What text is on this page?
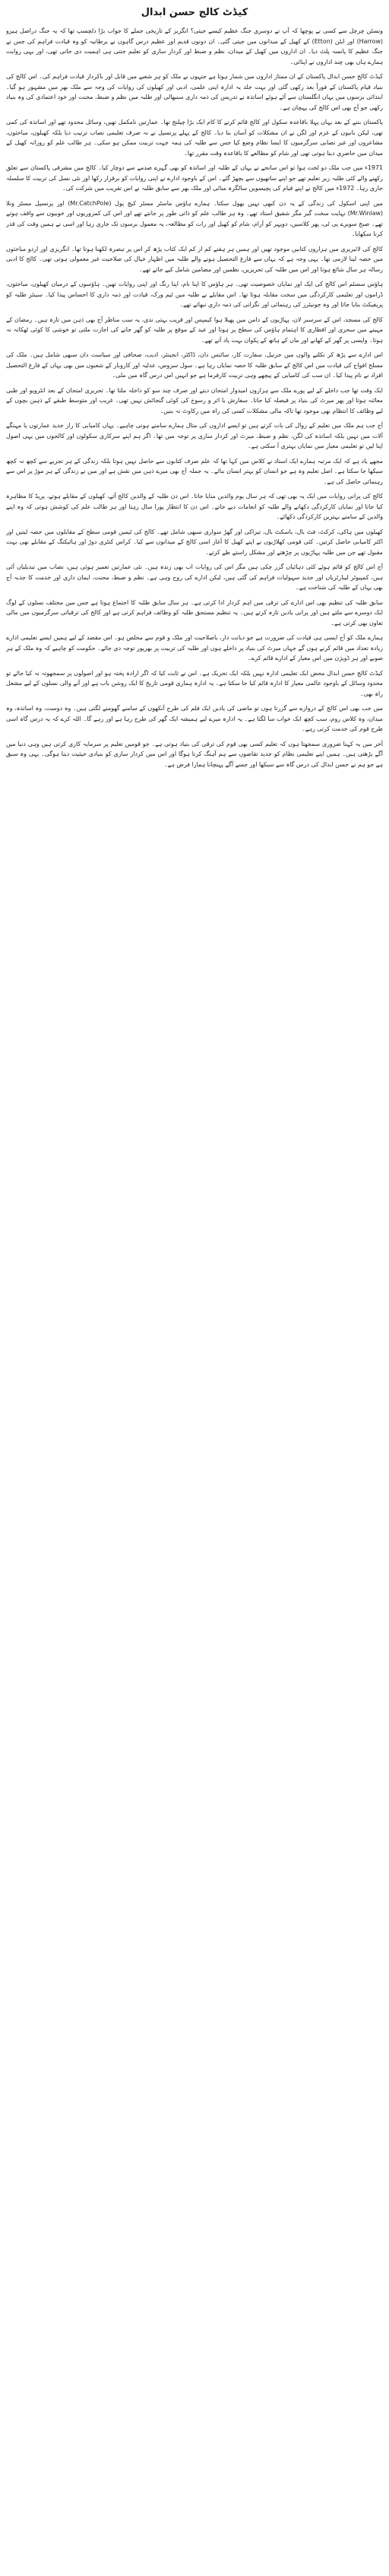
کیڈٹ کالج حسن ابدال

ونسٹن چرچل سے کسی نے پوچھا کہ آپ نے دوسری جنگ عظیم کیسے جیتی؟ انگریز کے تاریخی جملے کا جواب بڑا دلچسپ تھا کہ یہ جنگ دراصل ہیرو (Harrow) اور ایٹن (Etton) کے کھیل کے میدانوں میں جیتی گئی۔ ان دونوں قدیم اور عظیم درس گاہوں نے برطانیہ کو وہ قیادت فراہم کی جس نے جنگ عظیم کا پانسہ پلٹ دیا۔ ان اداروں میں کھیل کے میدان، نظم و ضبط اور کردار سازی کو تعلیم جتنی ہی اہمیت دی جاتی تھی، اور یہی روایت ہمارے ہاں بھی چند اداروں نے اپنائی۔

کیڈٹ کالج حسن ابدال پاکستان کے ان ممتاز اداروں میں شمار ہوتا ہے جنہوں نے ملک کو ہر شعبے میں قابل اور باکردار قیادت فراہم کی۔ اس کالج کی بنیاد قیام پاکستان کے فوراً بعد رکھی گئی اور بہت جلد یہ ادارہ اپنی علمی، ادبی اور کھیلوں کی روایات کی وجہ سے ملک بھر میں مشہور ہو گیا۔ ابتدائی برسوں میں یہاں انگلستان سے آئے ہوئے اساتذہ نے تدریس کی ذمہ داری سنبھالی اور طلبہ میں نظم و ضبط، محنت اور خود اعتمادی کی وہ بنیاد رکھی جو آج بھی اس کالج کی پہچان ہے۔

پاکستان بننے کے بعد یہاں پہلا باقاعدہ سکول اور کالج قائم کرنے کا کام ایک بڑا چیلنج تھا۔ عمارتیں نامکمل تھیں، وسائل محدود تھے اور اساتذہ کی کمی تھی، لیکن بانیوں کے عزم اور لگن نے ان مشکلات کو آسان بنا دیا۔ کالج کے پہلے پرنسپل نے نہ صرف تعلیمی نصاب ترتیب دیا بلکہ کھیلوں، مباحثوں، مشاعروں اور غیر نصابی سرگرمیوں کا ایسا نظام وضع کیا جس سے طلبہ کی ہمہ جہت تربیت ممکن ہو سکی۔ ہر طالب علم کو روزانہ کھیل کے میدان میں حاضری دینا ہوتی تھی اور شام کو مطالعے کا باقاعدہ وقت مقرر تھا۔

1971ء میں جب ملک دو لخت ہوا تو اس سانحے نے یہاں کے طلبہ اور اساتذہ کو بھی گہرے صدمے سے دوچار کیا۔ کالج میں مشرقی پاکستان سے تعلق رکھنے والے کئی طلبہ زیر تعلیم تھے جو اپنے ساتھیوں سے بچھڑ گئے۔ اس کے باوجود ادارے نے اپنی روایات کو برقرار رکھا اور نئی نسل کی تربیت کا سلسلہ جاری رہا۔ 1972ء میں کالج نے اپنے قیام کی پچیسویں سالگرہ منائی اور ملک بھر سے سابق طلبہ نے اس تقریب میں شرکت کی۔

میں اپنی اسکول کی زندگی کے یہ دن کبھی نہیں بھول سکتا۔ ہمارے ہاؤس ماسٹر مسٹر کیچ پول (Mr.CatchPole) اور پرنسپل مسٹر ونلا (Mr.Winlaw) نہایت سخت گیر مگر شفیق استاد تھے۔ وہ ہر طالب علم کو ذاتی طور پر جانتے تھے اور اس کی کمزوریوں اور خوبیوں سے واقف ہوتے تھے۔ صبح سویرے پی ٹی، پھر کلاسیں، دوپہر کو آرام، شام کو کھیل اور رات کو مطالعہ، یہ معمول برسوں تک جاری رہا اور اسی نے ہمیں وقت کی قدر کرنا سکھایا۔

کالج کی لائبریری میں ہزاروں کتابیں موجود تھیں اور ہمیں ہر ہفتے کم از کم ایک کتاب پڑھ کر اس پر تبصرہ لکھنا ہوتا تھا۔ انگریزی اور اردو مباحثوں میں حصہ لینا لازمی تھا۔ یہی وجہ ہے کہ یہاں سے فارغ التحصیل ہونے والے طلبہ میں اظہار خیال کی صلاحیت غیر معمولی ہوتی تھی۔ کالج کا ادبی رسالہ ہر سال شائع ہوتا اور اس میں طلبہ کی تحریریں، نظمیں اور مضامین شامل کیے جاتے تھے۔

ہاؤس سسٹم اس کالج کی ایک اور نمایاں خصوصیت تھی۔ ہر ہاؤس کا اپنا نام، اپنا رنگ اور اپنی روایات تھیں۔ ہاؤسوں کے درمیان کھیلوں، مباحثوں، ڈراموں اور تعلیمی کارکردگی میں سخت مقابلہ ہوتا تھا۔ اس مقابلے نے طلبہ میں ٹیم ورک، قیادت اور ذمہ داری کا احساس پیدا کیا۔ سینئر طلبہ کو پریفیکٹ بنایا جاتا اور وہ جونیئرز کی رہنمائی اور نگرانی کی ذمہ داری نبھاتے تھے۔

کالج کی مسجد، اس کے سرسبز لان، پہاڑیوں کے دامن میں پھیلا ہوا کیمپس اور قریب بہتی ندی، یہ سب مناظر آج بھی ذہن میں تازہ ہیں۔ رمضان کے مہینے میں سحری اور افطاری کا اہتمام ہاؤس کی سطح پر ہوتا اور عید کے موقع پر طلبہ کو گھر جانے کی اجازت ملتی تو خوشی کا کوئی ٹھکانہ نہ ہوتا۔ واپسی پر گھر کے کھانے اور ماں کے ہاتھ کے پکوان بہت یاد آتے تھے۔

اس ادارے سے پڑھ کر نکلنے والوں میں جرنیل، سفارت کار، سائنس دان، ڈاکٹر، انجینئر، ادیب، صحافی اور سیاست دان سبھی شامل ہیں۔ ملک کی مسلح افواج کی قیادت میں اس کالج کے سابق طلبہ کا حصہ نمایاں رہا ہے۔ سول سروس، عدلیہ اور کاروبار کے شعبوں میں بھی یہاں کے فارغ التحصیل افراد نے نام پیدا کیا۔ ان سب کی کامیابی کے پیچھے وہی تربیت کارفرما ہے جو انہیں اس درس گاہ میں ملی۔

ایک وقت تھا جب داخلے کے لیے پورے ملک سے ہزاروں امیدوار امتحان دیتے اور صرف چند سو کو داخلہ ملتا تھا۔ تحریری امتحان کے بعد انٹرویو اور طبی معائنہ ہوتا اور پھر میرٹ کی بنیاد پر فیصلہ کیا جاتا۔ سفارش یا اثر و رسوخ کی کوئی گنجائش نہیں تھی۔ غریب اور متوسط طبقے کے ذہین بچوں کے لیے وظائف کا انتظام بھی موجود تھا تاکہ مالی مشکلات کسی کی راہ میں رکاوٹ نہ بنیں۔

آج جب ہم ملک میں تعلیم کے زوال کی بات کرتے ہیں تو ایسے اداروں کی مثال ہمارے سامنے ہونی چاہیے۔ یہاں کامیابی کا راز جدید عمارتوں یا مہنگے آلات میں نہیں بلکہ اساتذہ کی لگن، نظم و ضبط، میرٹ اور کردار سازی پر توجہ میں تھا۔ اگر ہم اپنے سرکاری سکولوں اور کالجوں میں یہی اصول اپنا لیں تو تعلیمی معیار میں نمایاں بہتری آ سکتی ہے۔

مجھے یاد ہے کہ ایک مرتبہ ہمارے ایک استاد نے کلاس میں کہا تھا کہ علم صرف کتابوں سے حاصل نہیں ہوتا بلکہ زندگی کے ہر تجربے سے کچھ نہ کچھ سیکھا جا سکتا ہے۔ اصل تعلیم وہ ہے جو انسان کو بہتر انسان بنائے۔ یہ جملہ آج بھی میرے ذہن میں نقش ہے اور میں نے زندگی کے ہر موڑ پر اس سے رہنمائی حاصل کی ہے۔

کالج کی پرانی روایات میں ایک یہ بھی تھی کہ ہر سال یوم والدین منایا جاتا۔ اس دن طلبہ کے والدین کالج آتے، کھیلوں کے مقابلے ہوتے، پریڈ کا مظاہرہ کیا جاتا اور نمایاں کارکردگی دکھانے والے طلبہ کو انعامات دیے جاتے۔ اس دن کا انتظار پورا سال رہتا اور ہر طالب علم کی کوشش ہوتی کہ وہ اپنے والدین کے سامنے بہترین کارکردگی دکھائے۔

کھیلوں میں ہاکی، کرکٹ، فٹ بال، باسکٹ بال، تیراکی اور گھڑ سواری سبھی شامل تھے۔ کالج کی ٹیمیں قومی سطح کے مقابلوں میں حصہ لیتیں اور اکثر کامیابی حاصل کرتیں۔ کئی قومی کھلاڑیوں نے اپنے کھیل کا آغاز اسی کالج کے میدانوں سے کیا۔ کراس کنٹری دوڑ اور ہائیکنگ کے مقابلے بھی بہت مقبول تھے جن میں طلبہ پہاڑیوں پر چڑھتے اور مشکل راستے طے کرتے۔

آج اس کالج کو قائم ہوئے کئی دہائیاں گزر چکی ہیں مگر اس کی روایات اب بھی زندہ ہیں۔ نئی عمارتیں تعمیر ہوئی ہیں، نصاب میں تبدیلیاں آئی ہیں، کمپیوٹر لیبارٹریاں اور جدید سہولیات فراہم کی گئی ہیں، لیکن ادارے کی روح وہی ہے۔ نظم و ضبط، محنت، ایمان داری اور خدمت کا جذبہ آج بھی یہاں کے طلبہ کی شناخت ہے۔

سابق طلبہ کی تنظیم بھی اس ادارے کی ترقی میں اہم کردار ادا کرتی ہے۔ ہر سال سابق طلبہ کا اجتماع ہوتا ہے جس میں مختلف نسلوں کے لوگ ایک دوسرے سے ملتے ہیں اور پرانی یادیں تازہ کرتے ہیں۔ یہ تنظیم مستحق طلبہ کو وظائف فراہم کرتی ہے اور کالج کی ترقیاتی سرگرمیوں میں مالی تعاون بھی کرتی ہے۔

ہمارے ملک کو آج ایسی ہی قیادت کی ضرورت ہے جو دیانت دار، باصلاحیت اور ملک و قوم سے مخلص ہو۔ اس مقصد کے لیے ہمیں ایسے تعلیمی ادارے زیادہ تعداد میں قائم کرنے ہوں گے جہاں میرٹ کی بنیاد پر داخلے ہوں اور طلبہ کی تربیت پر بھرپور توجہ دی جائے۔ حکومت کو چاہیے کہ وہ ملک کے ہر صوبے اور ہر ڈویژن میں اس معیار کے ادارے قائم کرے۔

کیڈٹ کالج حسن ابدال محض ایک تعلیمی ادارہ نہیں بلکہ ایک تحریک ہے۔ اس نے ثابت کیا کہ اگر ارادہ پختہ ہو اور اصولوں پر سمجھوتہ نہ کیا جائے تو محدود وسائل کے باوجود عالمی معیار کا ادارہ قائم کیا جا سکتا ہے۔ یہ ادارہ ہماری قومی تاریخ کا ایک روشن باب ہے اور آنے والی نسلوں کے لیے مشعل راہ بھی۔

میں جب بھی اس کالج کے دروازے سے گزرتا ہوں تو ماضی کی یادیں ایک فلم کی طرح آنکھوں کے سامنے گھومنے لگتی ہیں۔ وہ دوست، وہ اساتذہ، وہ میدان، وہ کلاس روم، سب کچھ ایک خواب سا لگتا ہے۔ یہ ادارہ میرے لیے ہمیشہ ایک گھر کی طرح رہا ہے اور رہے گا۔ اللہ کرے کہ یہ درس گاہ اسی طرح قوم کی خدمت کرتی رہے۔

آخر میں یہ کہنا ضروری سمجھتا ہوں کہ تعلیم کسی بھی قوم کی ترقی کی بنیاد ہوتی ہے۔ جو قومیں تعلیم پر سرمایہ کاری کرتی ہیں وہی دنیا میں آگے بڑھتی ہیں۔ ہمیں اپنے تعلیمی نظام کو جدید تقاضوں سے ہم آہنگ کرنا ہوگا اور اس میں کردار سازی کو بنیادی حیثیت دینا ہوگی۔ یہی وہ سبق ہے جو ہم نے حسن ابدال کی درس گاہ سے سیکھا اور جسے آگے پہنچانا ہمارا فرض ہے۔
